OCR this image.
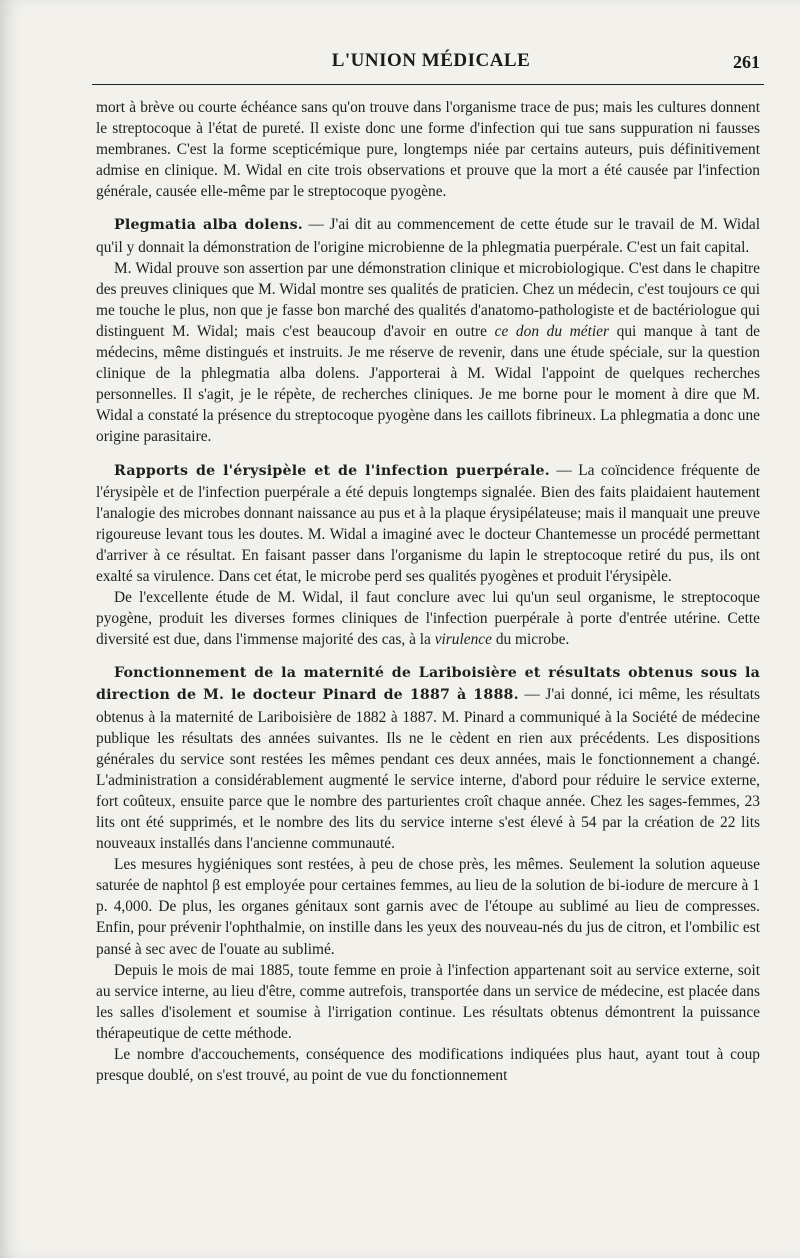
L'UNION MÉDICALE	261

mort à brève ou courte échéance sans qu'on trouve dans l'organisme trace de pus; mais les cultures donnent le streptocoque à l'état de pureté. Il existe donc une forme d'infection qui tue sans suppuration ni fausses membranes. C'est la forme scepticémique pure, longtemps niée par certains auteurs, puis définitivement admise en clinique. M. Widal en cite trois observations et prouve que la mort a été causée par l'infection générale, causée elle-même par le streptocoque pyogène.

Plegmatia alba dolens. — J'ai dit au commencement de cette étude sur le travail de M. Widal qu'il y donnait la démonstration de l'origine microbienne de la phlegmatia puerpérale. C'est un fait capital.

M. Widal prouve son assertion par une démonstration clinique et microbiologique. C'est dans le chapitre des preuves cliniques que M. Widal montre ses qualités de praticien. Chez un médecin, c'est toujours ce qui me touche le plus, non que je fasse bon marché des qualités d'anatomo-pathologiste et de bactériologue qui distinguent M. Widal; mais c'est beaucoup d'avoir en outre ce don du métier qui manque à tant de médecins, même distingués et instruits. Je me réserve de revenir, dans une étude spéciale, sur la question clinique de la phlegmatia alba dolens. J'apporterai à M. Widal l'appoint de quelques recherches personnelles. Il s'agit, je le répète, de recherches cliniques. Je me borne pour le moment à dire que M. Widal a constaté la présence du streptocoque pyogène dans les caillots fibrineux. La phlegmatia a donc une origine parasitaire.

Rapports de l'érysipèle et de l'infection puerpérale. — La coïncidence fréquente de l'érysipèle et de l'infection puerpérale a été depuis longtemps signalée. Bien des faits plaidaient hautement l'analogie des microbes donnant naissance au pus et à la plaque érysipélateuse; mais il manquait une preuve rigoureuse levant tous les doutes. M. Widal a imaginé avec le docteur Chantemesse un procédé permettant d'arriver à ce résultat. En faisant passer dans l'organisme du lapin le streptocoque retiré du pus, ils ont exalté sa virulence. Dans cet état, le microbe perd ses qualités pyogènes et produit l'érysipèle.

De l'excellente étude de M. Widal, il faut conclure avec lui qu'un seul organisme, le streptocoque pyogène, produit les diverses formes cliniques de l'infection puerpérale à porte d'entrée utérine. Cette diversité est due, dans l'immense majorité des cas, à la virulence du microbe.

Fonctionnement de la maternité de Lariboisière et résultats obtenus sous la direction de M. le docteur Pinard de 1887 à 1888. — J'ai donné, ici même, les résultats obtenus à la maternité de Lariboisière de 1882 à 1887. M. Pinard a communiqué à la Société de médecine publique les résultats des années suivantes. Ils ne le cèdent en rien aux précédents. Les dispositions générales du service sont restées les mêmes pendant ces deux années, mais le fonctionnement a changé. L'administration a considérablement augmenté le service interne, d'abord pour réduire le service externe, fort coûteux, ensuite parce que le nombre des parturientes croît chaque année. Chez les sages-femmes, 23 lits ont été supprimés, et le nombre des lits du service interne s'est élevé à 54 par la création de 22 lits nouveaux installés dans l'ancienne communauté.

Les mesures hygiéniques sont restées, à peu de chose près, les mêmes. Seulement la solution aqueuse saturée de naphtol β est employée pour certaines femmes, au lieu de la solution de bi-iodure de mercure à 1 p. 4,000. De plus, les organes génitaux sont garnis avec de l'étoupe au sublimé au lieu de compresses. Enfin, pour prévenir l'ophthalmie, on instille dans les yeux des nouveau-nés du jus de citron, et l'ombilic est pansé à sec avec de l'ouate au sublimé.

Depuis le mois de mai 1885, toute femme en proie à l'infection appartenant soit au service externe, soit au service interne, au lieu d'être, comme autrefois, transportée dans un service de médecine, est placée dans les salles d'isolement et soumise à l'irrigation continue. Les résultats obtenus démontrent la puissance thérapeutique de cette méthode.

Le nombre d'accouchements, conséquence des modifications indiquées plus haut, ayant tout à coup presque doublé, on s'est trouvé, au point de vue du fonctionnement
